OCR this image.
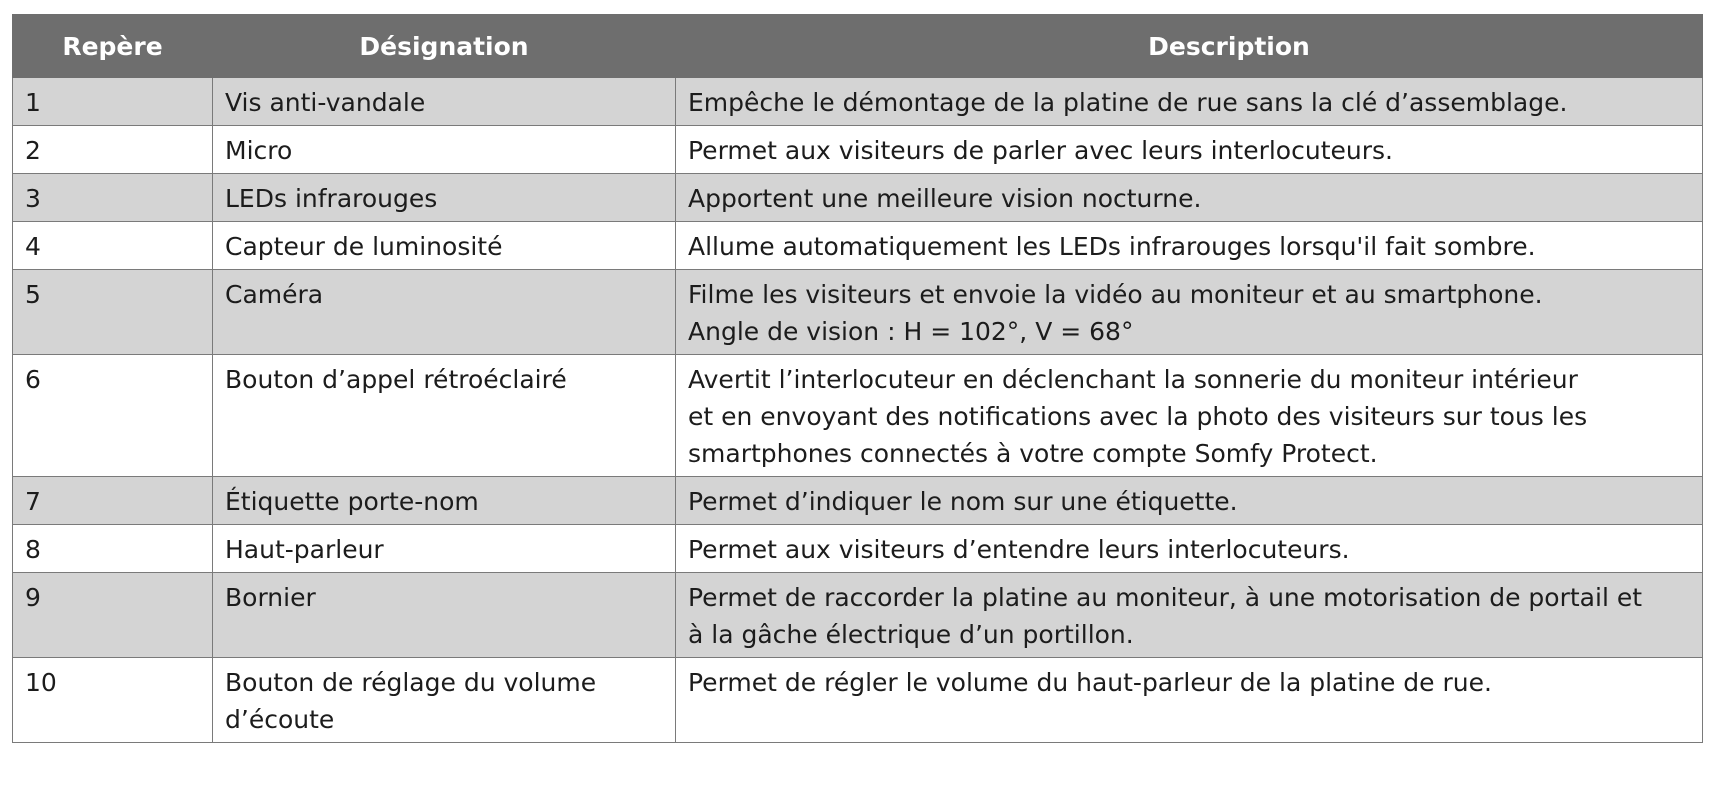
Repère	Désignation	Description
1	Vis anti-vandale	Empêche le démontage de la platine de rue sans la clé d’assemblage.

2	Micro	Permet aux visiteurs de parler avec leurs interlocuteurs.

3	LEDs infrarouges	Apportent une meilleure vision nocturne.

4	Capteur de luminosité	Allume automatiquement les LEDs infrarouges lorsqu'il fait sombre.

5	Caméra	Filme les visiteurs et envoie la vidéo au moniteur et au smartphone.
Angle de vision : H = 102°, V = 68°

6	Bouton d’appel rétroéclairé	Avertit l’interlocuteur en déclenchant la sonnerie du moniteur intérieur
et en envoyant des notifications avec la photo des visiteurs sur tous les
smartphones connectés à votre compte Somfy Protect.

7	Étiquette porte-nom	Permet d’indiquer le nom sur une étiquette.

8	Haut-parleur	Permet aux visiteurs d’entendre leurs interlocuteurs.

9	Bornier	Permet de raccorder la platine au moniteur, à une motorisation de portail et
à la gâche électrique d’un portillon.

10	Bouton de réglage du volume
d’écoute	Permet de régler le volume du haut-parleur de la platine de rue.
